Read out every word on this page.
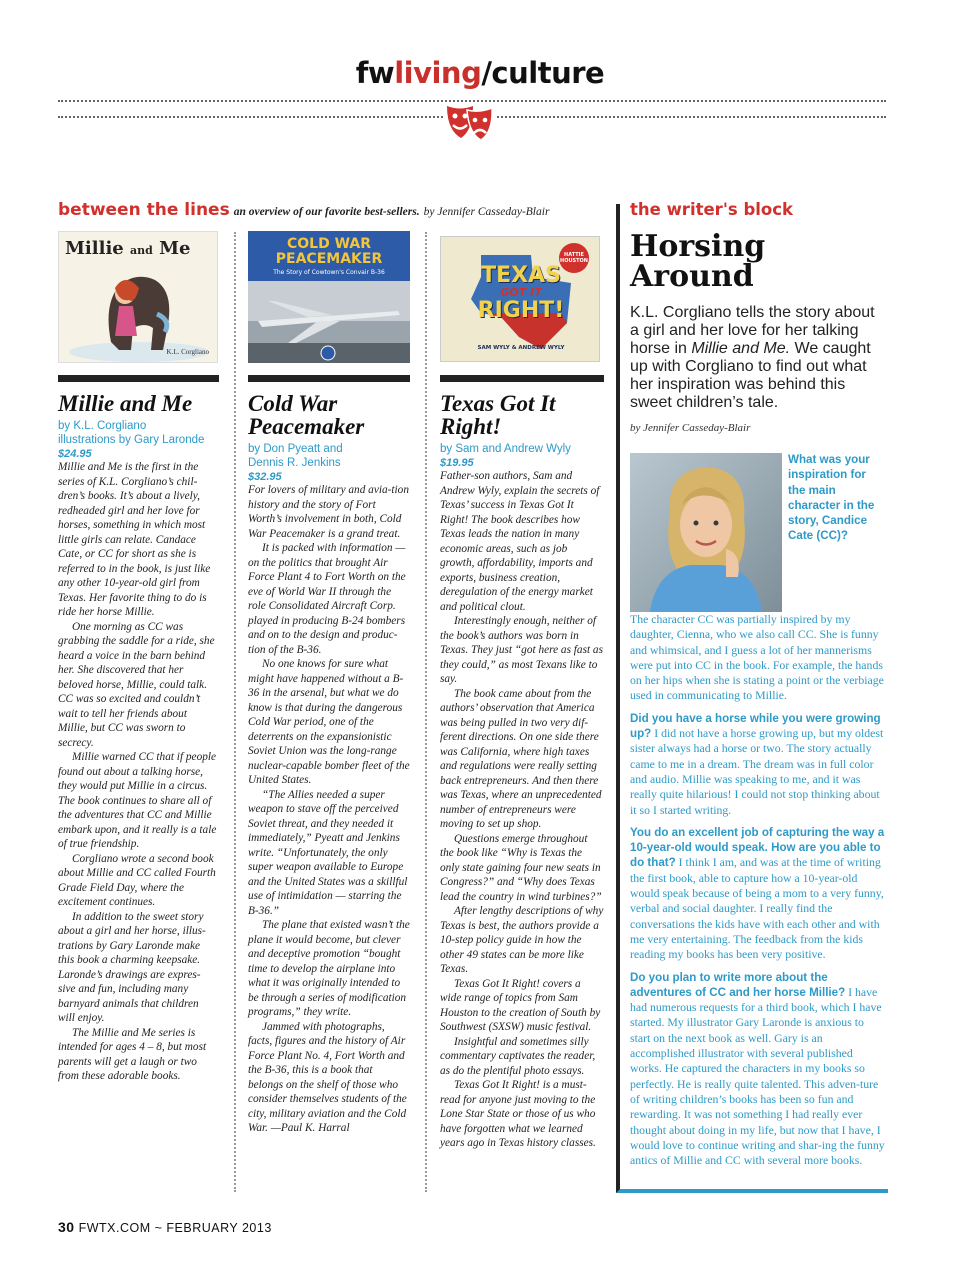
fwliving/culture
between the lines an overview of our favorite best-sellers. by Jennifer Casseday-Blair
Millie and Me
K.L. Corgliano
COLD WAR
PEACEMAKER
The Story of Cowtown's Convair B-36	TEXAS
GOT IT
RIGHT!
HATTIE HOUSTON
SAM WYLY & ANDREW WYLY
Millie and Me
by K.L. Corgliano
illustrations by Gary Laronde
$24.95

Millie and Me is the first in the series of K.L. Corgliano’s chil-dren’s books. It’s about a lively, redheaded girl and her love for horses, something in which most little girls can relate. Candace Cate, or CC for short as she is referred to in the book, is just like any other 10-year-old girl from Texas. Her favorite thing to do is ride her horse Millie.

One morning as CC was grabbing the saddle for a ride, she heard a voice in the barn behind her. She discovered that her beloved horse, Millie, could talk. CC was so excited and couldn’t wait to tell her friends about Millie, but CC was sworn to secrecy.

Millie warned CC that if people found out about a talking horse, they would put Millie in a circus. The book continues to share all of the adventures that CC and Millie embark upon, and it really is a tale of true friendship.

Corgliano wrote a second book about Millie and CC called Fourth Grade Field Day, where the excitement continues.

In addition to the sweet story about a girl and her horse, illus-trations by Gary Laronde make this book a charming keepsake. Laronde’s drawings are expres-sive and fun, including many barnyard animals that children will enjoy.

The Millie and Me series is intended for ages 4 – 8, but most parents will get a laugh or two from these adorable books.

Cold War Peacemaker
by Don Pyeatt and
Dennis R. Jenkins
$32.95

For lovers of military and avia-tion history and the story of Fort Worth’s involvement in both, Cold War Peacemaker is a grand treat.

It is packed with information — on the politics that brought Air Force Plant 4 to Fort Worth on the eve of World War II through the role Consolidated Aircraft Corp. played in producing B-24 bombers and on to the design and produc-tion of the B-36.

No one knows for sure what might have happened without a B-36 in the arsenal, but what we do know is that during the dangerous Cold War period, one of the deterrents on the expansionistic Soviet Union was the long-range nuclear-capable bomber fleet of the United States.

“The Allies needed a super weapon to stave off the perceived Soviet threat, and they needed it immediately,” Pyeatt and Jenkins write. “Unfortunately, the only super weapon available to Europe and the United States was a skillful use of intimidation — starring the B-36.”

The plane that existed wasn’t the plane it would become, but clever and deceptive promotion “bought time to develop the airplane into what it was originally intended to be through a series of modification programs,” they write.

Jammed with photographs, facts, figures and the history of Air Force Plant No. 4, Fort Worth and the B-36, this is a book that belongs on the shelf of those who consider themselves students of the city, military aviation and the Cold War. —Paul K. Harral

Texas Got It Right!
by Sam and Andrew Wyly
$19.95

Father-son authors, Sam and Andrew Wyly, explain the secrets of Texas’ success in Texas Got It Right! The book describes how Texas leads the nation in many economic areas, such as job growth, affordability, imports and exports, business creation, deregulation of the energy market and political clout.

Interestingly enough, neither of the book’s authors was born in Texas. They just “got here as fast as they could,” as most Texans like to say.

The book came about from the authors’ observation that America was being pulled in two very dif-ferent directions. On one side there was California, where high taxes and regulations were really setting back entrepreneurs. And then there was Texas, where an unprecedented number of entrepreneurs were moving to set up shop.

Questions emerge throughout the book like “Why is Texas the only state gaining four new seats in Congress?” and “Why does Texas lead the country in wind turbines?”

After lengthy descriptions of why Texas is best, the authors provide a 10-step policy guide in how the other 49 states can be more like Texas.

Texas Got It Right! covers a wide range of topics from Sam Houston to the creation of South by Southwest (SXSW) music festival.

Insightful and sometimes silly commentary captivates the reader, as do the plentiful photo essays.

Texas Got It Right! is a must-read for anyone just moving to the Lone Star State or those of us who have forgotten what we learned years ago in Texas history classes.

the writer's block
Horsing Around
K.L. Corgliano tells the story about a girl and her love for her talking horse in Millie and Me. We caught up with Corgliano to find out what her inspiration was behind this sweet children’s tale.
by Jennifer Casseday-Blair
What was your inspiration for the main character in the story, Candice Cate (CC)?
The character CC was partially inspired by my daughter, Cienna, who we also call CC. She is funny and whimsical, and I guess a lot of her mannerisms were put into CC in the book. For example, the hands on her hips when she is stating a point or the verbiage used in communicating to Millie.
Did you have a horse while you were growing up? I did not have a horse growing up, but my oldest sister always had a horse or two. The story actually came to me in a dream. The dream was in full color and audio. Millie was speaking to me, and it was really quite hilarious! I could not stop thinking about it so I started writing.
You do an excellent job of capturing the way a 10-year-old would speak. How are you able to do that? I think I am, and was at the time of writing the first book, able to capture how a 10-year-old would speak because of being a mom to a very funny, verbal and social daughter. I really find the conversations the kids have with each other and with me very entertaining. The feedback from the kids reading my books has been very positive.
Do you plan to write more about the adventures of CC and her horse Millie? I have had numerous requests for a third book, which I have started. My illustrator Gary Laronde is anxious to start on the next book as well. Gary is an accomplished illustrator with several published works. He captured the characters in my books so perfectly. He is really quite talented. This adven-ture of writing children’s books has been so fun and rewarding. It was not something I had really ever thought about doing in my life, but now that I have, I would love to continue writing and shar-ing the funny antics of Millie and CC with several more books.
30 FWTX.COM ~ FEBRUARY 2013
